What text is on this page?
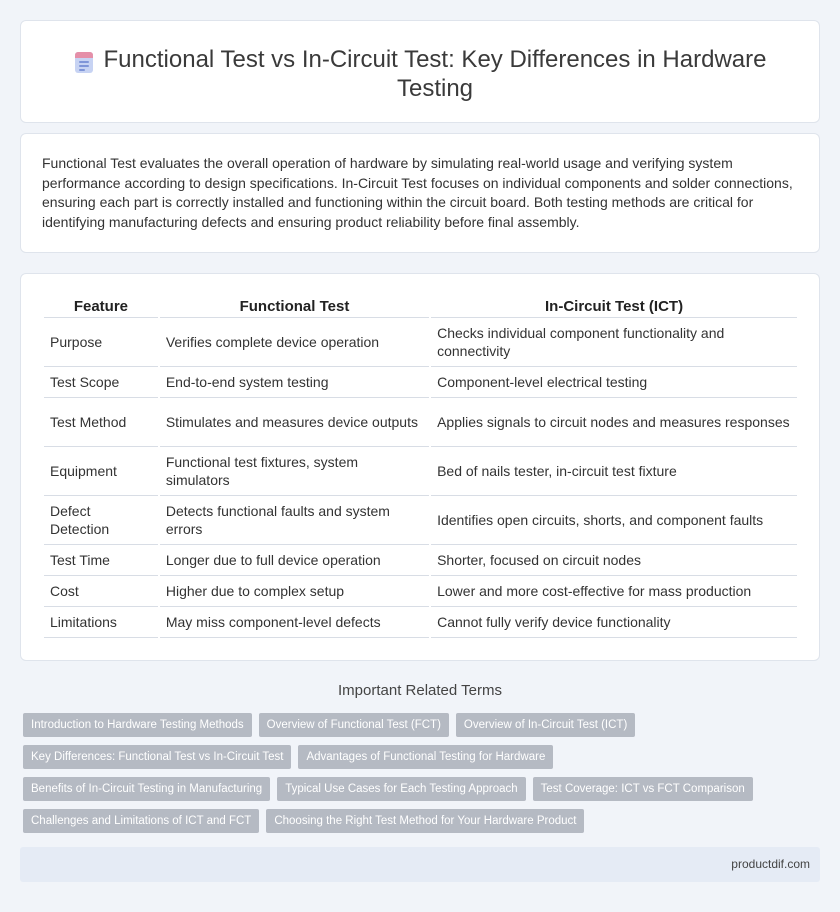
Functional Test vs In-Circuit Test: Key Differences in Hardware Testing

Functional Test evaluates the overall operation of hardware by simulating real-world usage and verifying system performance according to design specifications. In-Circuit Test focuses on individual components and solder connections, ensuring each part is correctly installed and functioning within the circuit board. Both testing methods are critical for identifying manufacturing defects and ensuring product reliability before final assembly.

Feature	Functional Test	In-Circuit Test (ICT)
Purpose	Verifies complete device operation	Checks individual component functionality and connectivity
Test Scope	End-to-end system testing	Component-level electrical testing
Test Method	Stimulates and measures device outputs	Applies signals to circuit nodes and measures responses
Equipment	Functional test fixtures, system simulators	Bed of nails tester, in-circuit test fixture
Defect Detection	Detects functional faults and system errors	Identifies open circuits, shorts, and component faults
Test Time	Longer due to full device operation	Shorter, focused on circuit nodes
Cost	Higher due to complex setup	Lower and more cost-effective for mass production
Limitations	May miss component-level defects	Cannot fully verify device functionality
Important Related Terms
Introduction to Hardware Testing Methods	Overview of Functional Test (FCT)	Overview of In-Circuit Test (ICT)
Key Differences: Functional Test vs In-Circuit Test	Advantages of Functional Testing for Hardware
Benefits of In-Circuit Testing in Manufacturing	Typical Use Cases for Each Testing Approach	Test Coverage: ICT vs FCT Comparison
Challenges and Limitations of ICT and FCT	Choosing the Right Test Method for Your Hardware Product
productdif.com
